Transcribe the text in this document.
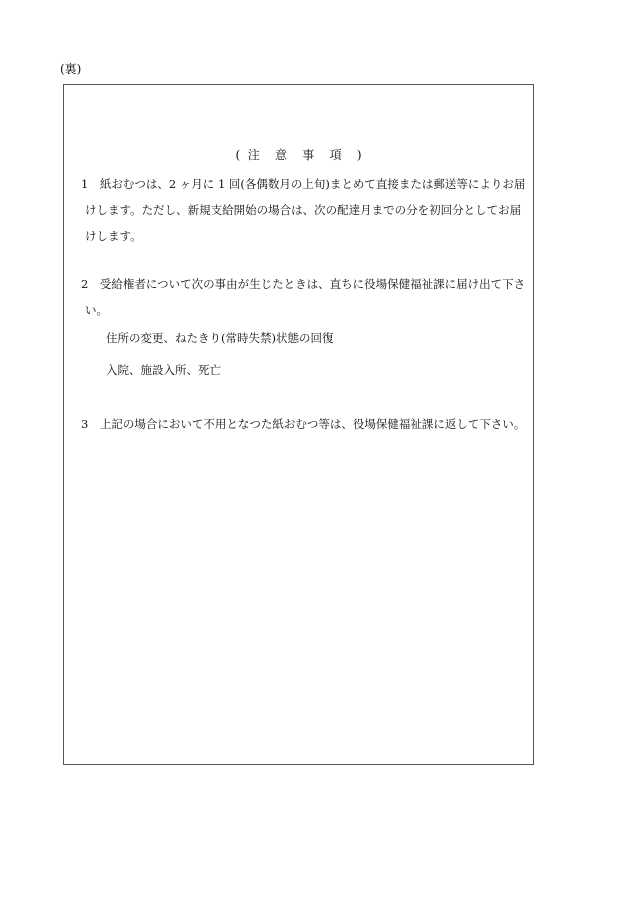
(裏)
(  注    意    事    項    )
1　紙おむつは、2 ヶ月に 1 回(各偶数月の上旬)まとめて直接または郵送等によりお届
けします。ただし、新規支給開始の場合は、次の配達月までの分を初回分としてお届
けします。
2　受給権者について次の事由が生じたときは、直ちに役場保健福祉課に届け出て下さ
い。
住所の変更、ねたきり(常時失禁)状態の回復
入院、施設入所、死亡
3　上記の場合において不用となつた紙おむつ等は、役場保健福祉課に返して下さい。
